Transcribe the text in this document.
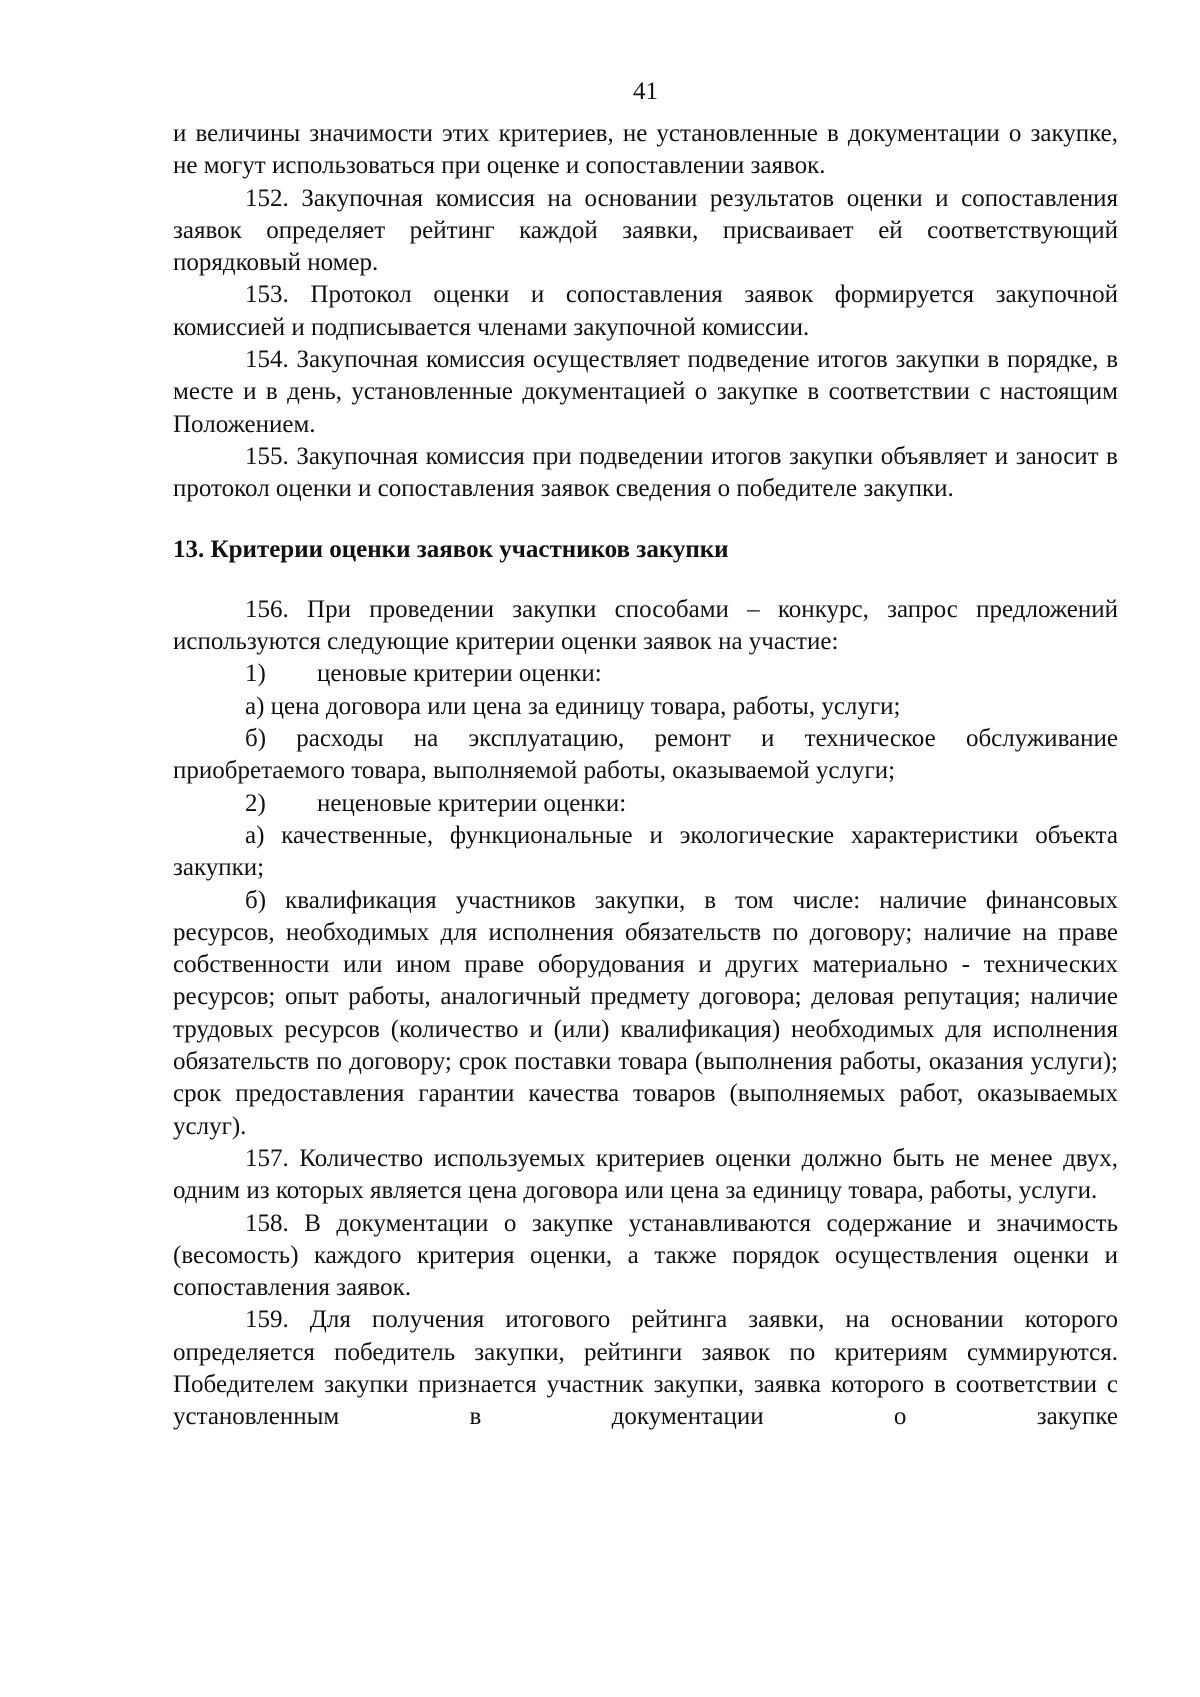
41

и величины значимости этих критериев, не установленные в документации о закупке, не могут использоваться при оценке и сопоставлении заявок.

152. Закупочная комиссия на основании результатов оценки и сопоставления заявок определяет рейтинг каждой заявки, присваивает ей соответствующий порядковый номер.

153. Протокол оценки и сопоставления заявок формируется закупочной комиссией и подписывается членами закупочной комиссии.

154. Закупочная комиссия осуществляет подведение итогов закупки в порядке, в месте и в день, установленные документацией о закупке в соответствии с настоящим Положением.

155. Закупочная комиссия при подведении итогов закупки объявляет и заносит в протокол оценки и сопоставления заявок сведения о победителе закупки.

13. Критерии оценки заявок участников закупки

156. При проведении закупки способами – конкурс, запрос предложений используются следующие критерии оценки заявок на участие:

1) ценовые критерии оценки:

а) цена договора или цена за единицу товара, работы, услуги;

б) расходы на эксплуатацию, ремонт и техническое обслуживание приобретаемого товара, выполняемой работы, оказываемой услуги;

2) неценовые критерии оценки:

а) качественные, функциональные и экологические характеристики объекта закупки;

б) квалификация участников закупки, в том числе: наличие финансовых ресурсов, необходимых для исполнения обязательств по договору; наличие на праве собственности или ином праве оборудования и других материально - технических ресурсов; опыт работы, аналогичный предмету договора; деловая репутация; наличие трудовых ресурсов (количество и (или) квалификация) необходимых для исполнения обязательств по договору; срок поставки товара (выполнения работы, оказания услуги); срок предоставления гарантии качества товаров (выполняемых работ, оказываемых услуг).

157. Количество используемых критериев оценки должно быть не менее двух, одним из которых является цена договора или цена за единицу товара, работы, услуги.

158. В документации о закупке устанавливаются содержание и значимость (весомость) каждого критерия оценки, а также порядок осуществления оценки и сопоставления заявок.

159. Для получения итогового рейтинга заявки, на основании которого определяется победитель закупки, рейтинги заявок по критериям суммируются. Победителем закупки признается участник закупки, заявка которого в соответствии с установленным в документации о закупке
